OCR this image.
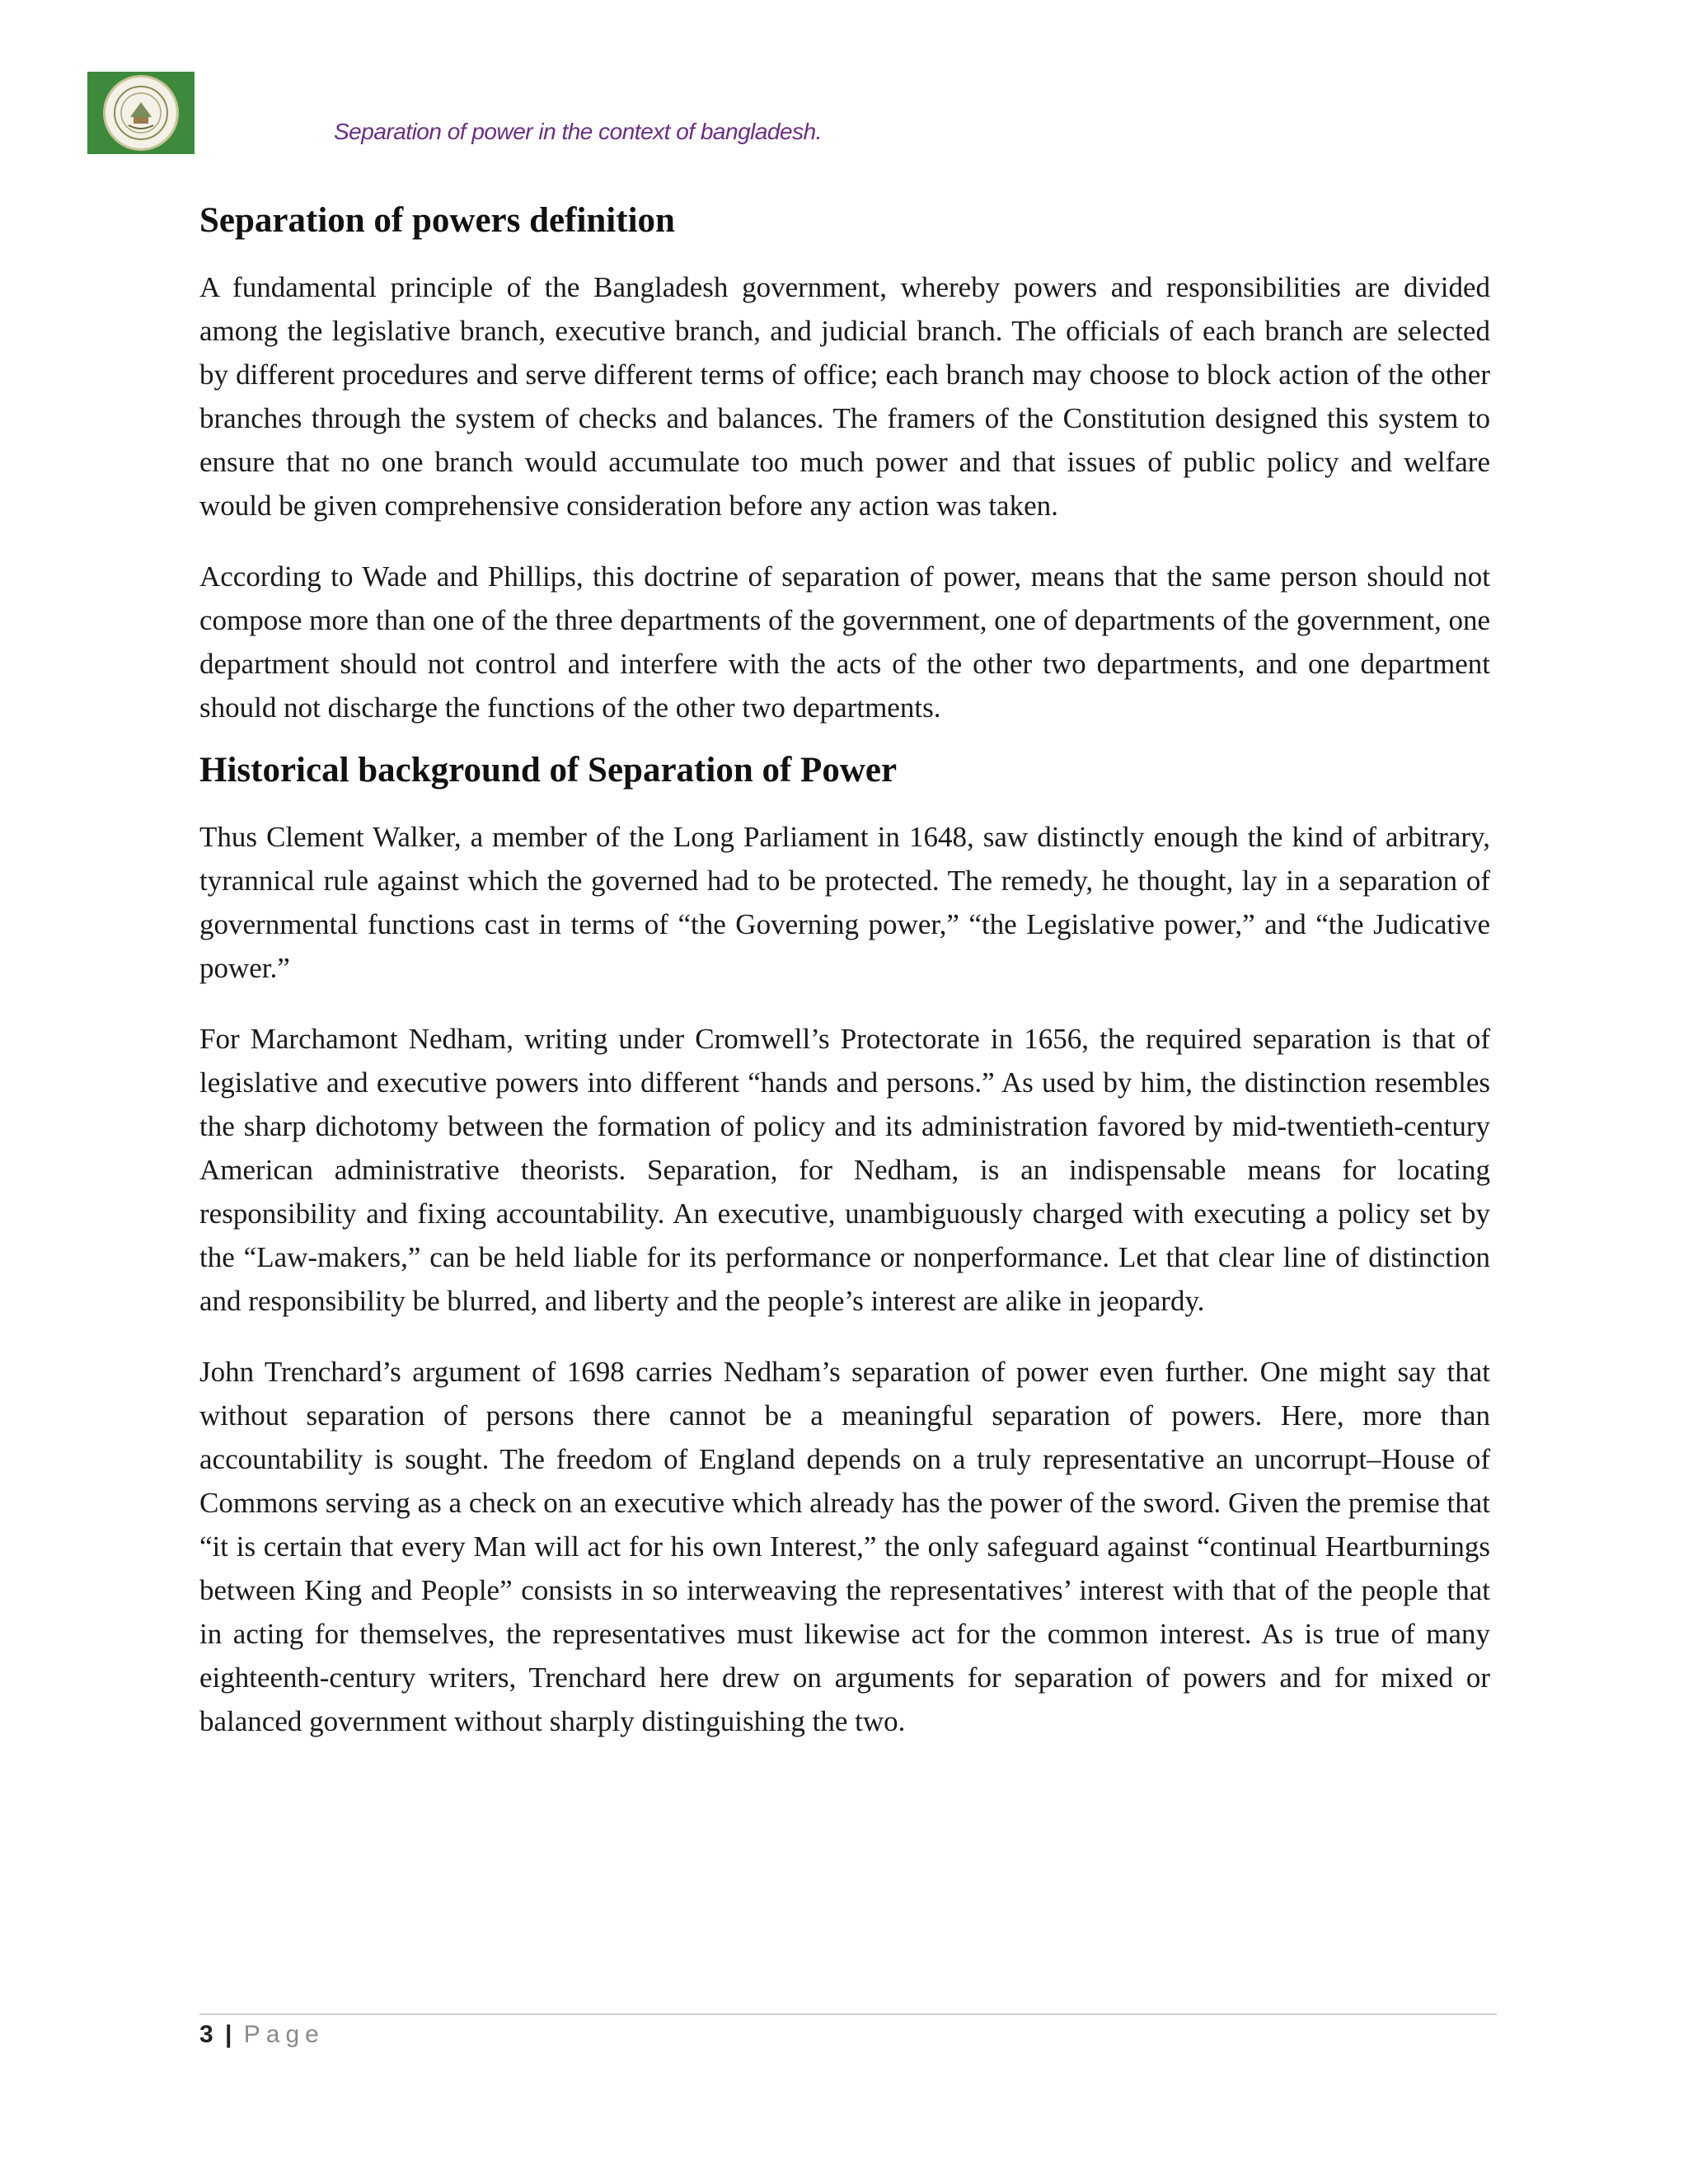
Separation of power in the context of bangladesh.
Separation of powers definition

A fundamental principle of the Bangladesh government, whereby powers and responsibilities are divided among the legislative branch, executive branch, and judicial branch. The officials of each branch are selected by different procedures and serve different terms of office; each branch may choose to block action of the other branches through the system of checks and balances. The framers of the Constitution designed this system to ensure that no one branch would accumulate too much power and that issues of public policy and welfare would be given comprehensive consideration before any action was taken.

According to Wade and Phillips, this doctrine of separation of power, means that the same person should not compose more than one of the three departments of the government, one of departments of the government, one department should not control and interfere with the acts of the other two departments, and one department should not discharge the functions of the other two departments.

Historical background of Separation of Power

Thus Clement Walker, a member of the Long Parliament in 1648, saw distinctly enough the kind of arbitrary, tyrannical rule against which the governed had to be protected. The remedy, he thought, lay in a separation of governmental functions cast in terms of “the Governing power,” “the Legislative power,” and “the Judicative power.”

For Marchamont Nedham, writing under Cromwell’s Protectorate in 1656, the required separation is that of legislative and executive powers into different “hands and persons.” As used by him, the distinction resembles the sharp dichotomy between the formation of policy and its administration favored by mid-twentieth-century American administrative theorists. Separation, for Nedham, is an indispensable means for locating responsibility and fixing accountability. An executive, unambiguously charged with executing a policy set by the “Law-makers,” can be held liable for its performance or nonperformance. Let that clear line of distinction and responsibility be blurred, and liberty and the people’s interest are alike in jeopardy.

John Trenchard’s argument of 1698 carries Nedham’s separation of power even further. One might say that without separation of persons there cannot be a meaningful separation of powers. Here, more than accountability is sought. The freedom of England depends on a truly representative an uncorrupt–House of Commons serving as a check on an executive which already has the power of the sword. Given the premise that “it is certain that every Man will act for his own Interest,” the only safeguard against “continual Heartburnings between King and People” consists in so interweaving the representatives’ interest with that of the people that in acting for themselves, the representatives must likewise act for the common interest. As is true of many eighteenth-century writers, Trenchard here drew on arguments for separation of powers and for mixed or balanced government without sharply distinguishing the two.

3 | Page
